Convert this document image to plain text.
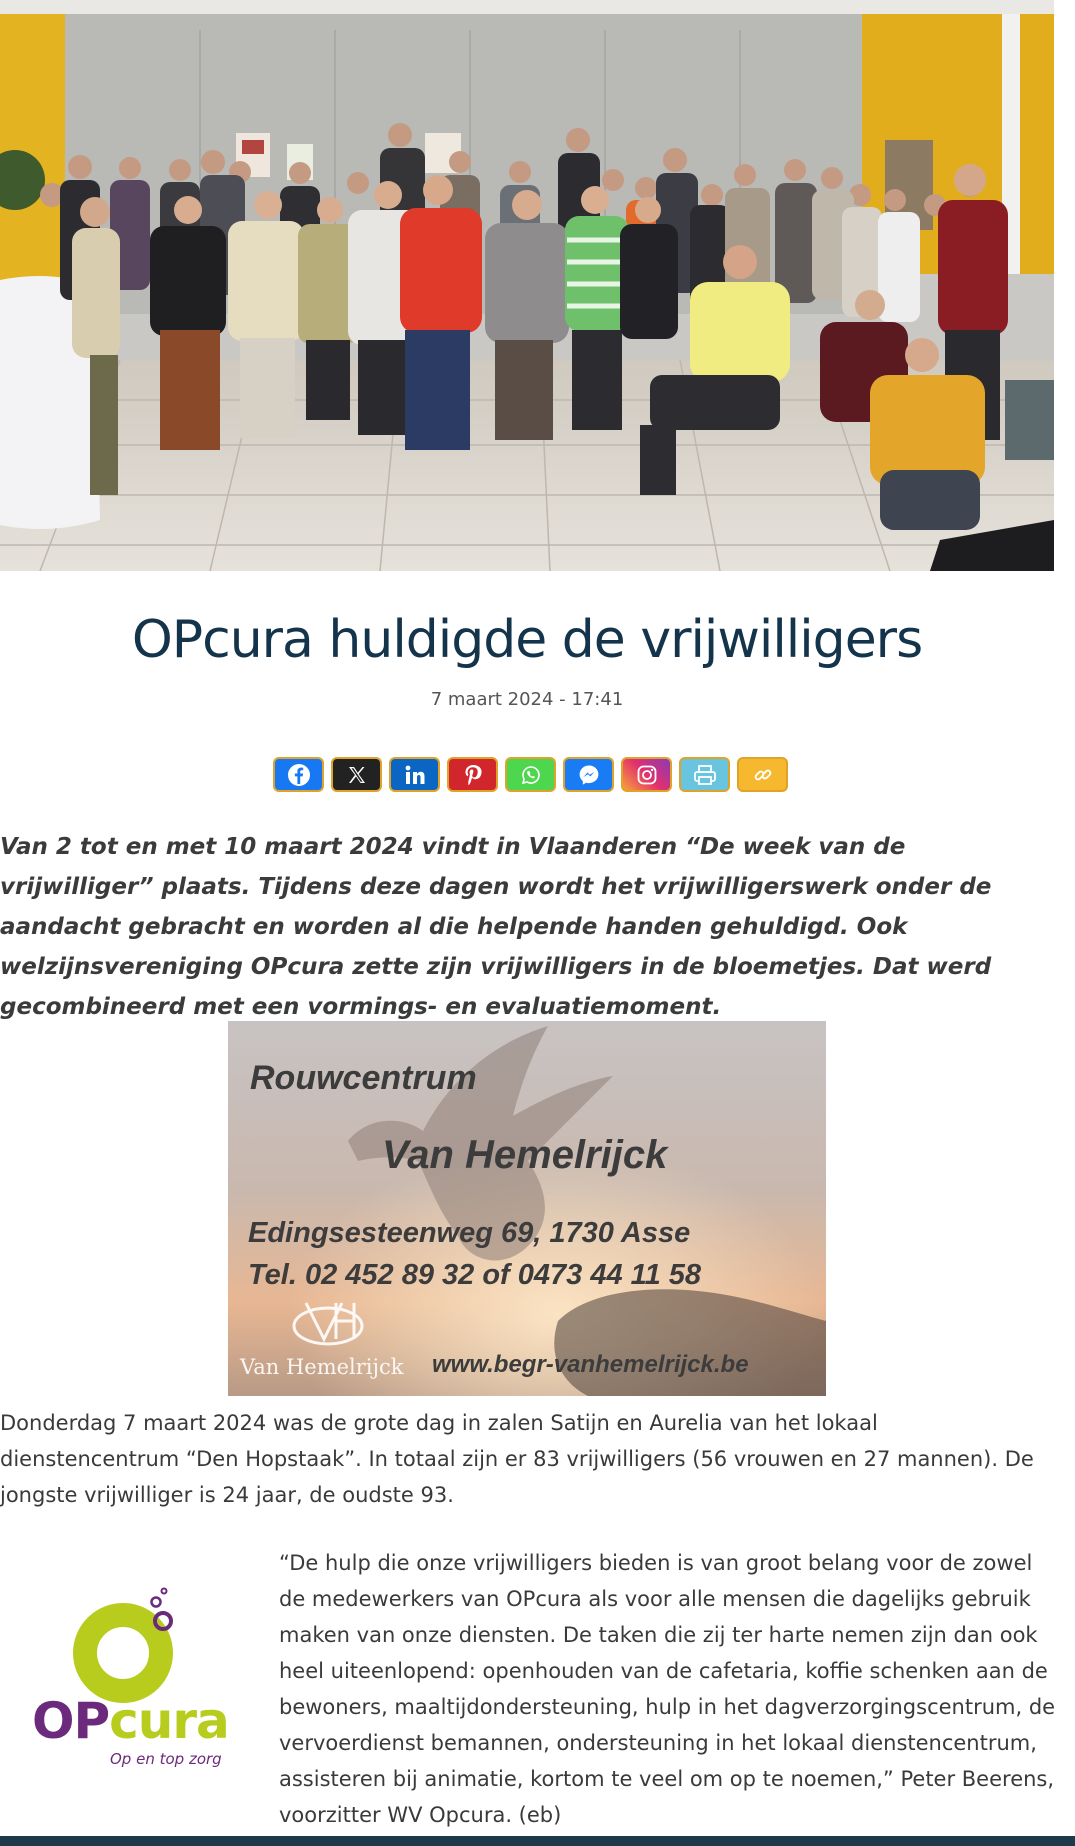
OPcura huldigde de vrijwilligers
7 maart 2024 - 17:41

Van 2 tot en met 10 maart 2024 vindt in Vlaanderen “De week van de vrijwilliger” plaats. Tijdens deze dagen wordt het vrijwilligerswerk onder de aandacht gebracht en worden al die helpende handen gehuldigd. Ook welzijnsvereniging OPcura zette zijn vrijwilligers in de bloemetjes. Dat werd gecombineerd met een vormings- en evaluatiemoment.

Rouwcentrum
Van Hemelrijck
Edingsesteenweg 69, 1730 Asse
Tel. 02 452 89 32 of 0473 44 11 58
Van Hemelrijck www.begr-vanhemelrijck.be

Donderdag 7 maart 2024 was de grote dag in zalen Satijn en Aurelia van het lokaal dienstencentrum “Den Hopstaak”. In totaal zijn er 83 vrijwilligers (56 vrouwen en 27 mannen). De jongste vrijwilliger is 24 jaar, de oudste 93.

OPcura
Op en top zorg

“De hulp die onze vrijwilligers bieden is van groot belang voor de zowel de medewerkers van OPcura als voor alle mensen die dagelijks gebruik maken van onze diensten. De taken die zij ter harte nemen zijn dan ook heel uiteenlopend: openhouden van de cafetaria, koffie schenken aan de bewoners, maaltijdondersteuning, hulp in het dagverzorgingscentrum, de vervoerdienst bemannen, ondersteuning in het lokaal dienstencentrum, assisteren bij animatie, kortom te veel om op te noemen,” Peter Beerens, voorzitter WV Opcura. (eb)
